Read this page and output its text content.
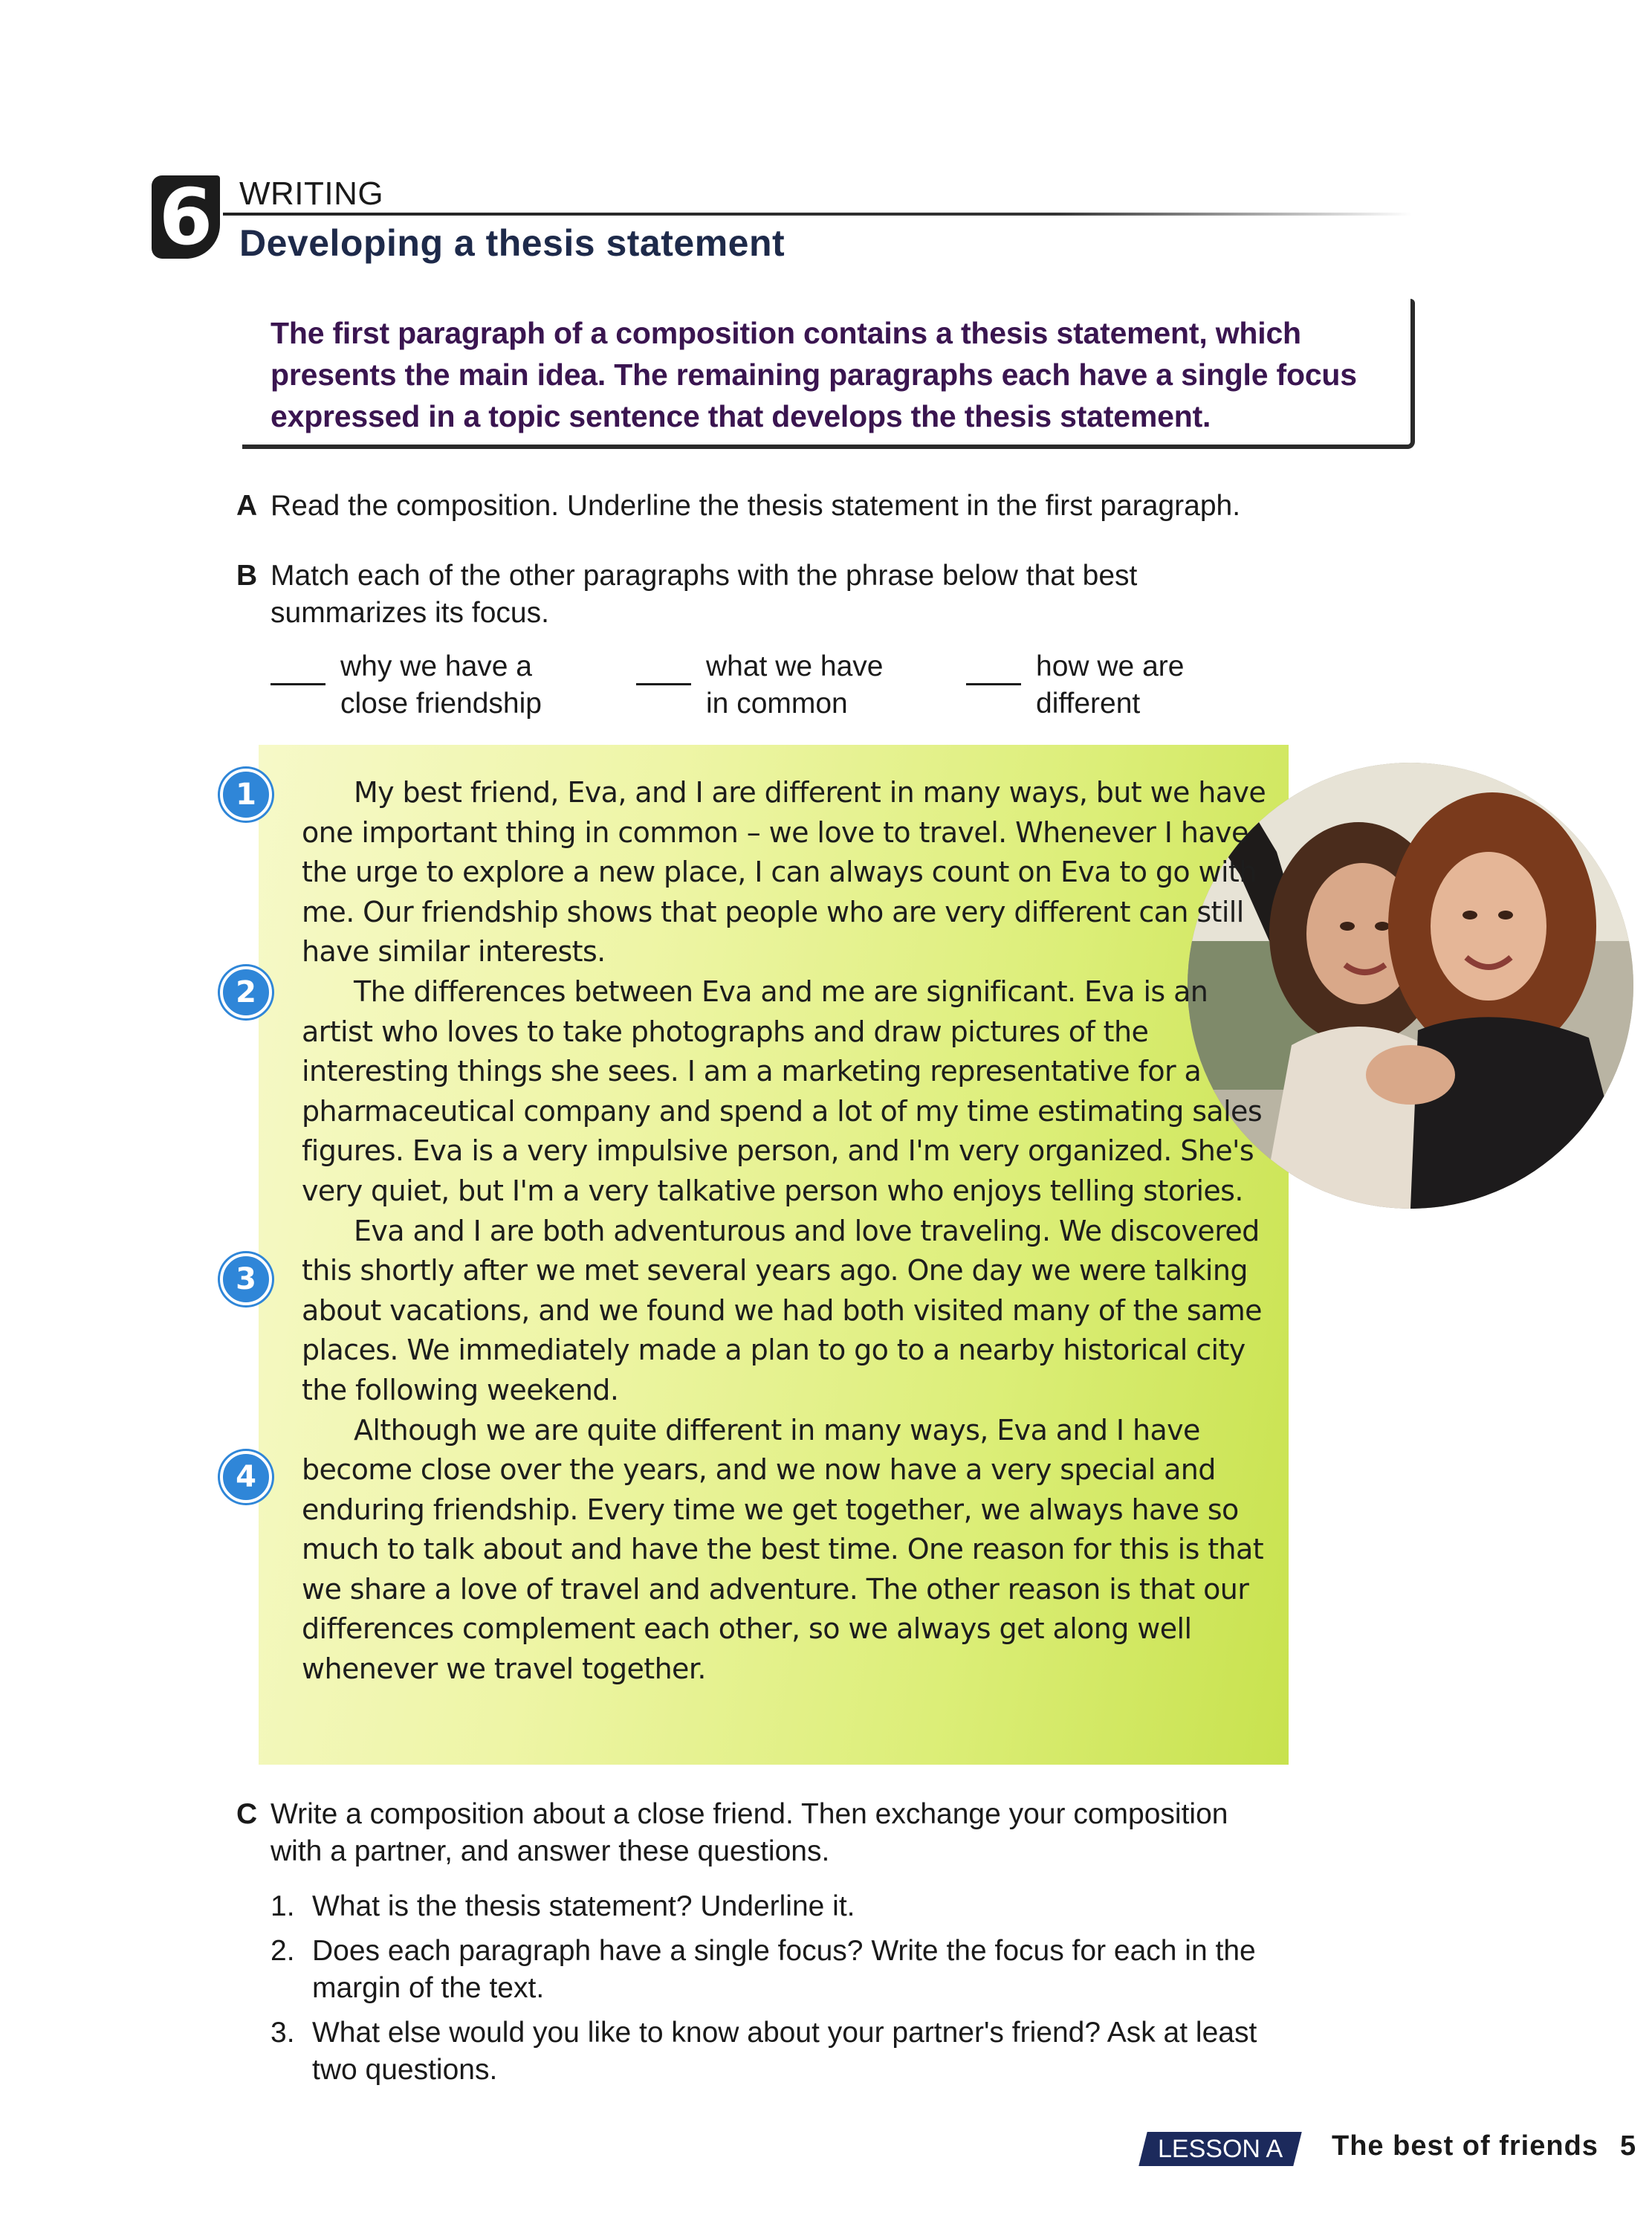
6 WRITING
Developing a thesis statement
The first paragraph of a composition contains a thesis statement, which presents the main idea. The remaining paragraphs each have a single focus expressed in a topic sentence that develops the thesis statement.
A Read the composition. Underline the thesis statement in the first paragraph.
B Match each of the other paragraphs with the phrase below that best
summarizes its focus.
why we have a
close friendship
what we have
in common
how we are
different
1
2
3
4

My best friend, Eva, and I are different in many ways, but we have one important thing in common – we love to travel. Whenever I have the urge to explore a new place, I can always count on Eva to go with me. Our friendship shows that people who are very different can still have similar interests.

The differences between Eva and me are significant. Eva is an artist who loves to take photographs and draw pictures of the interesting things she sees. I am a marketing representative for a pharmaceutical company and spend a lot of my time estimating sales figures. Eva is a very impulsive person, and I'm very organized. She's very quiet, but I'm a very talkative person who enjoys telling stories.

Eva and I are both adventurous and love traveling. We discovered this shortly after we met several years ago. One day we were talking about vacations, and we found we had both visited many of the same places. We immediately made a plan to go to a nearby historical city the following weekend.

Although we are quite different in many ways, Eva and I have become close over the years, and we now have a very special and enduring friendship. Every time we get together, we always have so much to talk about and have the best time. One reason for this is that we share a love of travel and adventure. The other reason is that our differences complement each other, so we always get along well whenever we travel together.

C Write a composition about a close friend. Then exchange your composition
with a partner, and answer these questions.
1. What is the thesis statement? Underline it.
2. Does each paragraph have a single focus? Write the focus for each in the
margin of the text.
3. What else would you like to know about your partner's friend? Ask at least
two questions.
LESSON A	The best of friends 5
